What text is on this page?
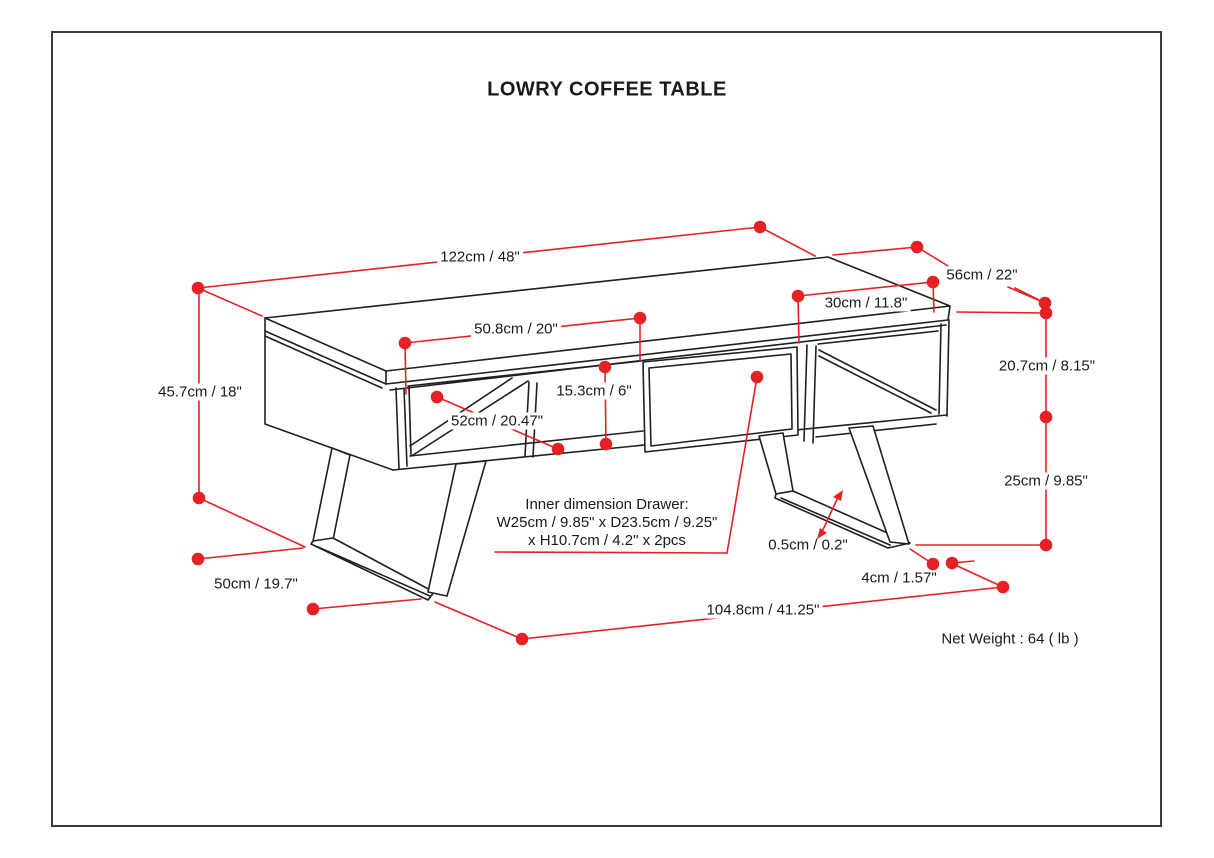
LOWRY COFFEE TABLE
122cm / 48"
56cm / 22"
30cm / 11.8"
50.8cm / 20"
45.7cm / 18"	15.3cm / 6"
52cm / 20.47"
20.7cm / 8.15"
25cm / 9.85"
0.5cm / 0.2"
4cm / 1.57"
104.8cm / 41.25"
50cm / 19.7"
Inner dimension Drawer:
W25cm / 9.85" x D23.5cm / 9.25"
x H10.7cm / 4.2" x 2pcs
Net Weight : 64 ( lb )
